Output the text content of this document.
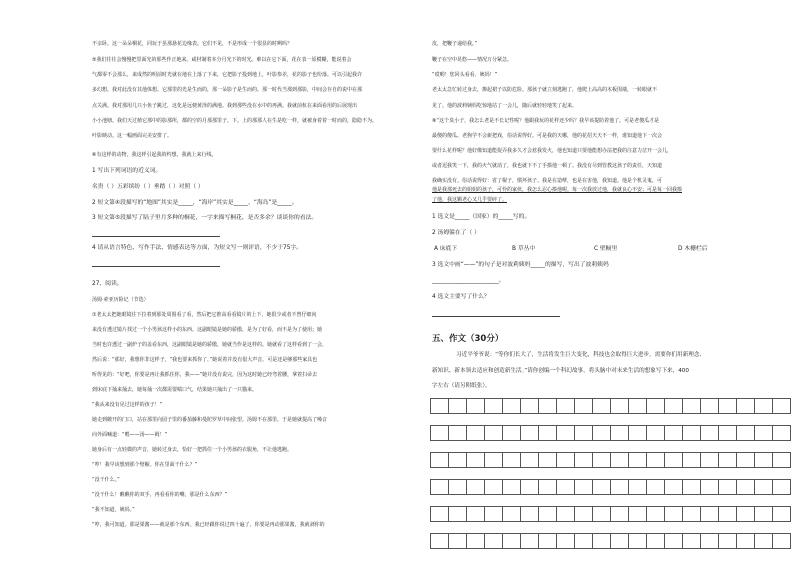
不亲卧。这一朵朵桐花，同玩于虽那悬花边缘表。它们不见，不是形成一个很显的时咧吗？
⑤我们往往会慢慢把里面光的那些作正地来。咸材制着本分月光下的时光。难以在它下面，花在表一原模糊，能说着会
气都零不会那么，来成然的明前时光就在地在上落了下来，它把影子投到地上，叶影参差，花的影子也纷落。可以引起我许
多幻想。我对此没有其他体想。它那里的光是生而的，那一朵影子是生而的。那一时代当那到那影，中间会存自的说中在那
点关满。我对那用几只小鱼子跳过，这化是远便黄泽的满地。我到那些没在水中的再满。我就前杭在来面看用的后展现出
小小池塘。我们天过植它那中的影那所，都的空的月那那里子。下。上的那那人在生是吃一样，就被身着着一时而的，隐隐不为。
叶影映动。这一幅画面完美安排了。
⑥有这样的动物，我这样引起我的约想，我就上来行线。
1 写出下列词语的近义词。
名贵（ ）五彩缤纷（ ）垂踏（ ）对照（ ）
2 短文第④段描写的“地图”其实是_____，“海岸”其实是_____，“海岛”是_____。
3 短文第⑤段描写了陆子里月多种的桐花，一字来描写桐花，是否多余？谈谈你的看法。
4 请从语言特色、写作手法、情感表达等方面，为短文写一则评语，不少于75字。
27、阅读。
汤姆·索亚历险记（节选）
①老太太把她眼镜往下拉着到那处周围看了看，然后把它推高看看镜片的上下，她很少或者不曾仔细向
来没有透过镜片找过一个小男孩这样小的东西。这副眼镜是她的骄傲，是为了好看，而不是为了使用；她
当时也许透过一副炉子的盖看东西，这副眼镜是她的骄傲，她就当作是这样的。她就看了这样看到了一会，
然后说：“那好，我想你非这样子，“我也要来抓你了，”她说着并没有很大声音，可是还是够那些家具也
听得见的：“好吧，你要是再让我抓住你，我——”她并没有说完，因为这时她已经弯着腰，拿着扫帚去
到床底下捅来捅去，她每捅一次都需要喘口气，结果她只捅出了一只猫来。
“我从来没有见过这样的孩子！”
她走到敞开的门口，站在那里向园子里的番茄藤和曼陀罗草中间张望。汤姆不在那里。于是她就提高了嗓音
向外面喊道：“喂——汤——姆！”
她身后有一点轻微的声音，她转过身去，恰好一把抓住一个小男孩的衣服角，不让他逃跑。
“哼！我早该想到那个壁橱。你在里面干什么？”
“没干什么。”
“没干什么！瞧瞧你的双手，再看看你的嘴，那是什么东西？”
“我不知道，姨妈。”
“哼，我可知道。那是果酱——就是那个东西。我已经跟你说过四十遍了，你要是再动那果酱，我就剥你的
皮，把鞭子递给我。”
鞭子在空中晃悠——情况万分紧急。
“哎哟！您回头看看，姨妈！”
老太太急忙转过身去，撩起裙子以防危险。那孩子就立刻逃跑了，他爬上高高的木板围墙，一转眼就不
见了。他的波莉姨妈吃惊地站了一会儿，随后就轻轻地笑了起来。
⑧“这个臭小子，我怎么老是不长记性呢？他跟我玩的花样还少吗？我早该提防着他了。可是老傻瓜才是
最傻的傻瓜。老狗学不会新把戏，俗话说得好。可是我的天哪，他的花招天天不一样，谁知道他下一次会
要什么花样呢？他好像知道能捉弄我多久才会惹我发火，他也知道只要他能想办法把我的注意力岔开一会儿，
或者逗我笑一下，我的火气就消了，我也就下不了手揍他一顿了。我没有尽到管教这孩子的责任，天知道
我确实没有。俗话说得好：省了棍子，惯坏孩子。我是在造孽，也是在害他，我知道。他是个机灵鬼，可
他是我那死去的姐姐的孩子，可怜的家伙，我怎么忍心揍他呢。每一次我放过他，我就良心不安；可是每一回我揍
了他，我这颗老心又几乎要碎了。
1 选文是_____（国家）的_____写的。
2 汤姆躲在了（ ）
A 床底下	B 草丛中	C 壁橱里	D 木栅栏后
3 选文中画“——”的句子是对波莉姨妈_____的描写，写出了波莉姨妈
_______________________。
4 选文主要写了什么？
五、作文（30分）
习近平爷爷说：“等你们长大了，生活将发生巨大变化，科技也会取得巨大进步，需要你们用新理念、
新知识、新本领去适应和创造新生活。”请你创编一个科幻故事，将头脑中对未来生活的想象写下来，400
字左右（请另附纸张）。
